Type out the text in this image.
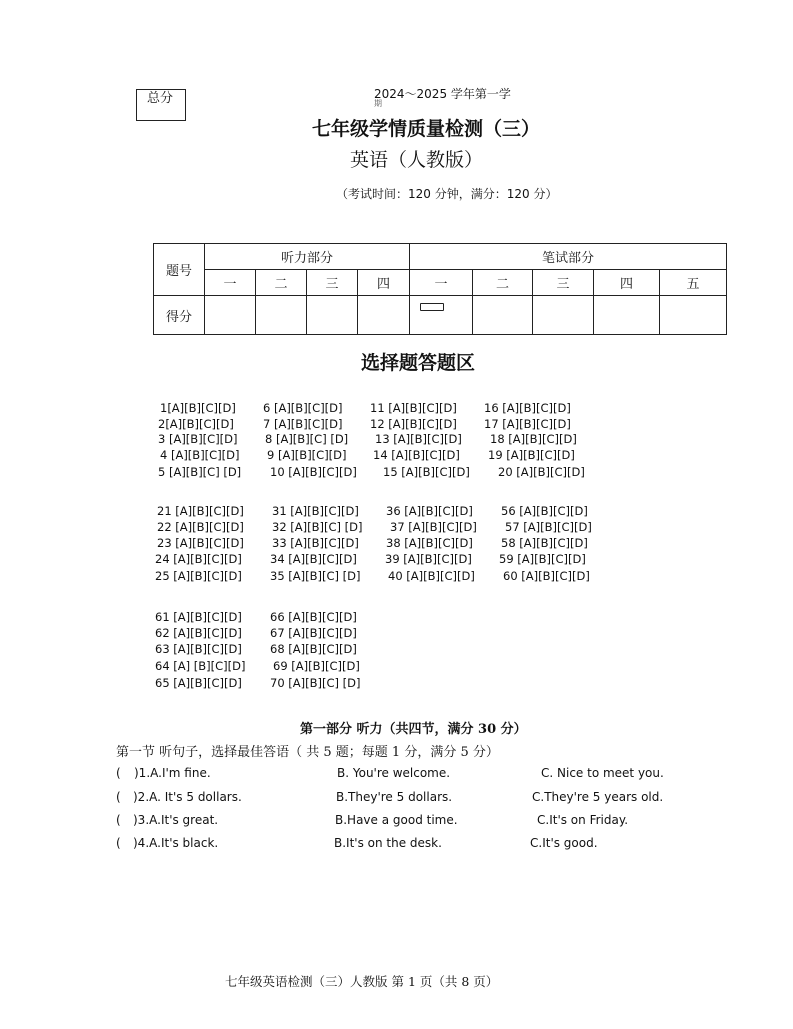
总分	2024～2025 学年第一学
期
七年级学情质量检测（三）
英语（人教版）
（考试时间：120 分钟，满分：120 分）
题号	听力部分				笔试部分				
	一	二	三	四	一	二	三	四	五
得分									
选择题答题区
1[A][B][C][D] 6 [A][B][C][D] 11 [A][B][C][D] 16 [A][B][C][D]
2[A][B][C][D]	7 [A][B][C][D] 12 [A][B][C][D] 17 [A][B][C][D]
3 [A][B][C][D] 8 [A][B][C] [D] 13 [A][B][C][D] 18 [A][B][C][D]
4 [A][B][C][D] 9 [A][B][C][D] 14 [A][B][C][D] 19 [A][B][C][D]
5 [A][B][C] [D]	10 [A][B][C][D] 15 [A][B][C][D] 20 [A][B][C][D]
21 [A][B][C][D] 31 [A][B][C][D] 36 [A][B][C][D] 56 [A][B][C][D]
22 [A][B][C][D] 32 [A][B][C] [D] 37 [A][B][C][D] 57 [A][B][C][D]
23 [A][B][C][D] 33 [A][B][C][D] 38 [A][B][C][D] 58 [A][B][C][D]
24 [A][B][C][D] 34 [A][B][C][D] 39 [A][B][C][D] 59 [A][B][C][D]
25 [A][B][C][D] 35 [A][B][C] [D] 40 [A][B][C][D] 60 [A][B][C][D]
61 [A][B][C][D] 66 [A][B][C][D]
62 [A][B][C][D] 67 [A][B][C][D]
63 [A][B][C][D] 68 [A][B][C][D]
64 [A] [B][C][D] 69 [A][B][C][D]
65 [A][B][C][D] 70 [A][B][C] [D]
第一部分 听力（共四节，满分 30 分）
第一节 听句子，选择最佳答语（ 共 5 题；每题 1 分，满分 5 分）
( )1.A.I'm fine.	B. You're welcome.	C. Nice to meet you.
( )2.A. It's 5 dollars.	B.They're 5 dollars.	C.They're 5 years old.
( )3.A.It's great.	B.Have a good time.	C.It's on Friday.
( )4.A.It's black.	B.It's on the desk.	C.It's good.
七年级英语检测（三）人教版 第 1 页（共 8 页）
